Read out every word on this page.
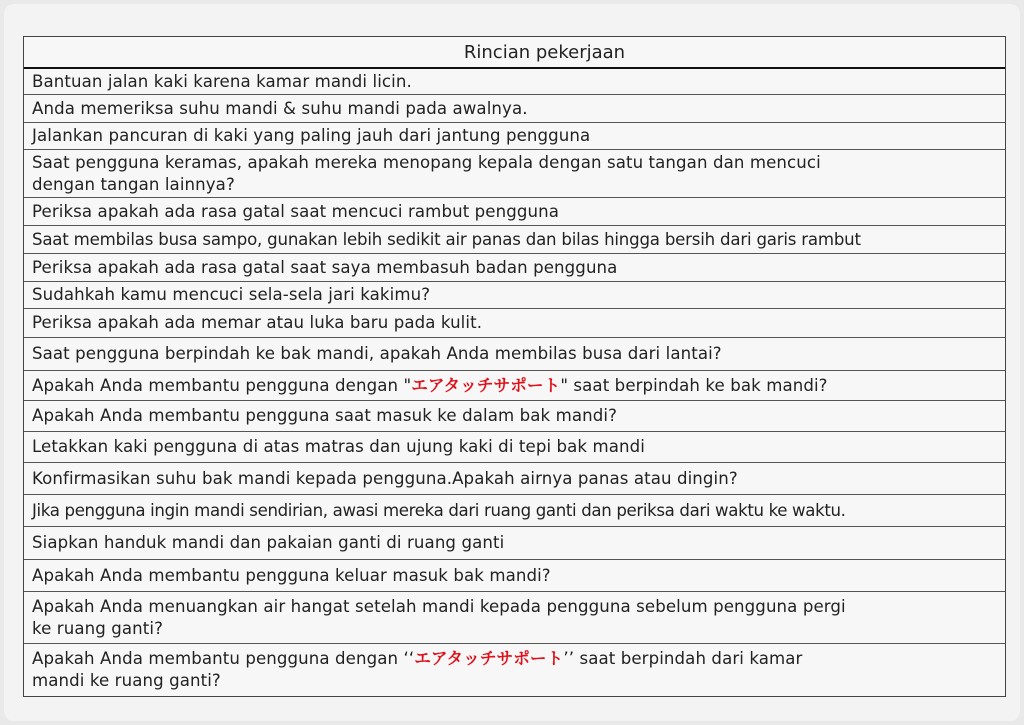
Rincian pekerjaan
Bantuan jalan kaki karena kamar mandi licin.
Anda memeriksa suhu mandi & suhu mandi pada awalnya.
Jalankan pancuran di kaki yang paling jauh dari jantung pengguna
Saat pengguna keramas, apakah mereka menopang kepala dengan satu tangan dan mencuci
dengan tangan lainnya?
Periksa apakah ada rasa gatal saat mencuci rambut pengguna
Saat membilas busa sampo, gunakan lebih sedikit air panas dan bilas hingga bersih dari garis rambut
Periksa apakah ada rasa gatal saat saya membasuh badan pengguna
Sudahkah kamu mencuci sela-sela jari kakimu?
Periksa apakah ada memar atau luka baru pada kulit.
Saat pengguna berpindah ke bak mandi, apakah Anda membilas busa dari lantai?
Apakah Anda membantu pengguna dengan "エアタッチサポート" saat berpindah ke bak mandi?
Apakah Anda membantu pengguna saat masuk ke dalam bak mandi?
Letakkan kaki pengguna di atas matras dan ujung kaki di tepi bak mandi
Konfirmasikan suhu bak mandi kepada pengguna.Apakah airnya panas atau dingin?
Jika pengguna ingin mandi sendirian, awasi mereka dari ruang ganti dan periksa dari waktu ke waktu.
Siapkan handuk mandi dan pakaian ganti di ruang ganti
Apakah Anda membantu pengguna keluar masuk bak mandi?
Apakah Anda menuangkan air hangat setelah mandi kepada pengguna sebelum pengguna pergi
ke ruang ganti?
Apakah Anda membantu pengguna dengan ‘‘エアタッチサポート’’ saat berpindah dari kamar
mandi ke ruang ganti?
